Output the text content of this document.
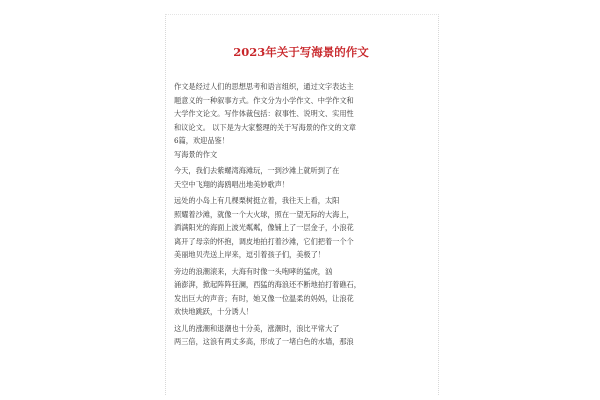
2023年关于写海景的作文
作文是经过人们的思想思考和语言组织，通过文字表达主
题意义的一种叙事方式。作文分为小学作文、中学作文和
大学作文论文。写作体裁包括：叙事性、说明文、实用性
和议论文。 以下是为大家整理的关于写海景的作文的文章
6篇，欢迎品鉴！
写海景的作文
今天，我们去紫螺湾海滩玩，一到沙滩上就听到了在
天空中飞翔的海鸥唱出地美妙歌声！
远处的小岛上有几棵栗树挺立着，我往天上看，太阳
照耀着沙滩，就像一个大火球，照在一望无际的大海上，
洒满阳光的海面上波光粼粼，像铺上了一层金子，小浪花
离开了母亲的怀抱，调皮地拍打着沙滩，它们把着一个个
美丽地贝壳送上岸来，逗引着孩子们，美极了！
旁边的浪潮滚来，大海有时像一头咆哮的猛虎，汹
涌澎湃，掀起阵阵狂澜，西猛的海浪还不断地拍打着礁石，
发出巨大的声音；有时，她又像一位温柔的妈妈，让浪花
欢快地跳跃，十分诱人！
这儿的涨潮和退潮也十分美，涨潮时，浪比平常大了
两三倍，这浪有两丈多高，形成了一堵白色的水墙，那浪
